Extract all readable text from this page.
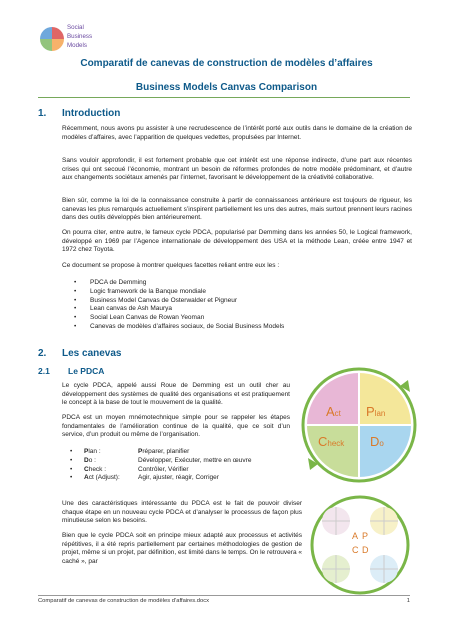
Social
Business
Models
Comparatif de canevas de construction de modèles d’affaires
Business Models Canvas Comparison
1. Introduction
Récemment, nous avons pu assister à une recrudescence de l’intérêt porté aux outils dans le domaine de la création de modèles d’affaires, avec l’apparition de quelques vedettes, propulsées par Internet.
Sans vouloir approfondir, il est fortement probable que cet intérêt est une réponse indirecte, d’une part aux récentes crises qui ont secoué l’économie, montrant un besoin de réformes profondes de notre modèle prédominant, et d’autre aux changements sociétaux amenés par l’internet, favorisant le développement de la créativité collaborative.
Bien sûr, comme la loi de la connaissance construite à partir de connaissances antérieure est toujours de rigueur, les canevas les plus remarqués actuellement s’inspirent partiellement les uns des autres, mais surtout prennent leurs racines dans des outils développés bien antérieurement.
On pourra citer, entre autre, le fameux cycle PDCA, popularisé par Demming dans les années 50, le Logical framework, développé en 1969 par l’Agence internationale de développement des USA et la méthode Lean, créée entre 1947 et 1972 chez Toyota.
Ce document se propose à montrer quelques facettes reliant entre eux les :
• PDCA de Demming
• Logic framework de la Banque mondiale
• Business Model Canvas de Osterwalder et Pigneur
• Lean canvas de Ash Maurya
• Social Lean Canvas de Rowan Yeoman
• Canevas de modèles d’affaires sociaux, de Social Business Models
2. Les canevas
2.1 Le PDCA
Le cycle PDCA, appelé aussi Roue de Demming est un outil cher au développement des systèmes de qualité des organisations et est pratiquement le concept à la base de tout le mouvement de la qualité.
PDCA est un moyen mnémotechnique simple pour se rappeler les étapes fondamentales de l’amélioration continue de la qualité, que ce soit d’un service, d’un produit ou même de l’organisation.
• Plan :	Préparer, planifier
• Do :	Développer, Exécuter, mettre en œuvre
• Check :	Contrôler, Vérifier
• Act (Adjust):	Agir, ajuster, réagir, Corriger
Une des caractéristiques intéressante du PDCA est le fait de pouvoir diviser chaque étape en un nouveau cycle PDCA et d’analyser le processus de façon plus minutieuse selon les besoins.
Bien que le cycle PDCA soit en principe mieux adapté aux processus et activités répétitives, il a été repris partiellement par certaines méthodologies de gestion de projet, même si un projet, par définition, est limité dans le temps. On le retrouvera « caché », par
Act Plan
Check Do
A P
C D
Comparatif de canevas de construction de modèles d’affaires.docx	1
